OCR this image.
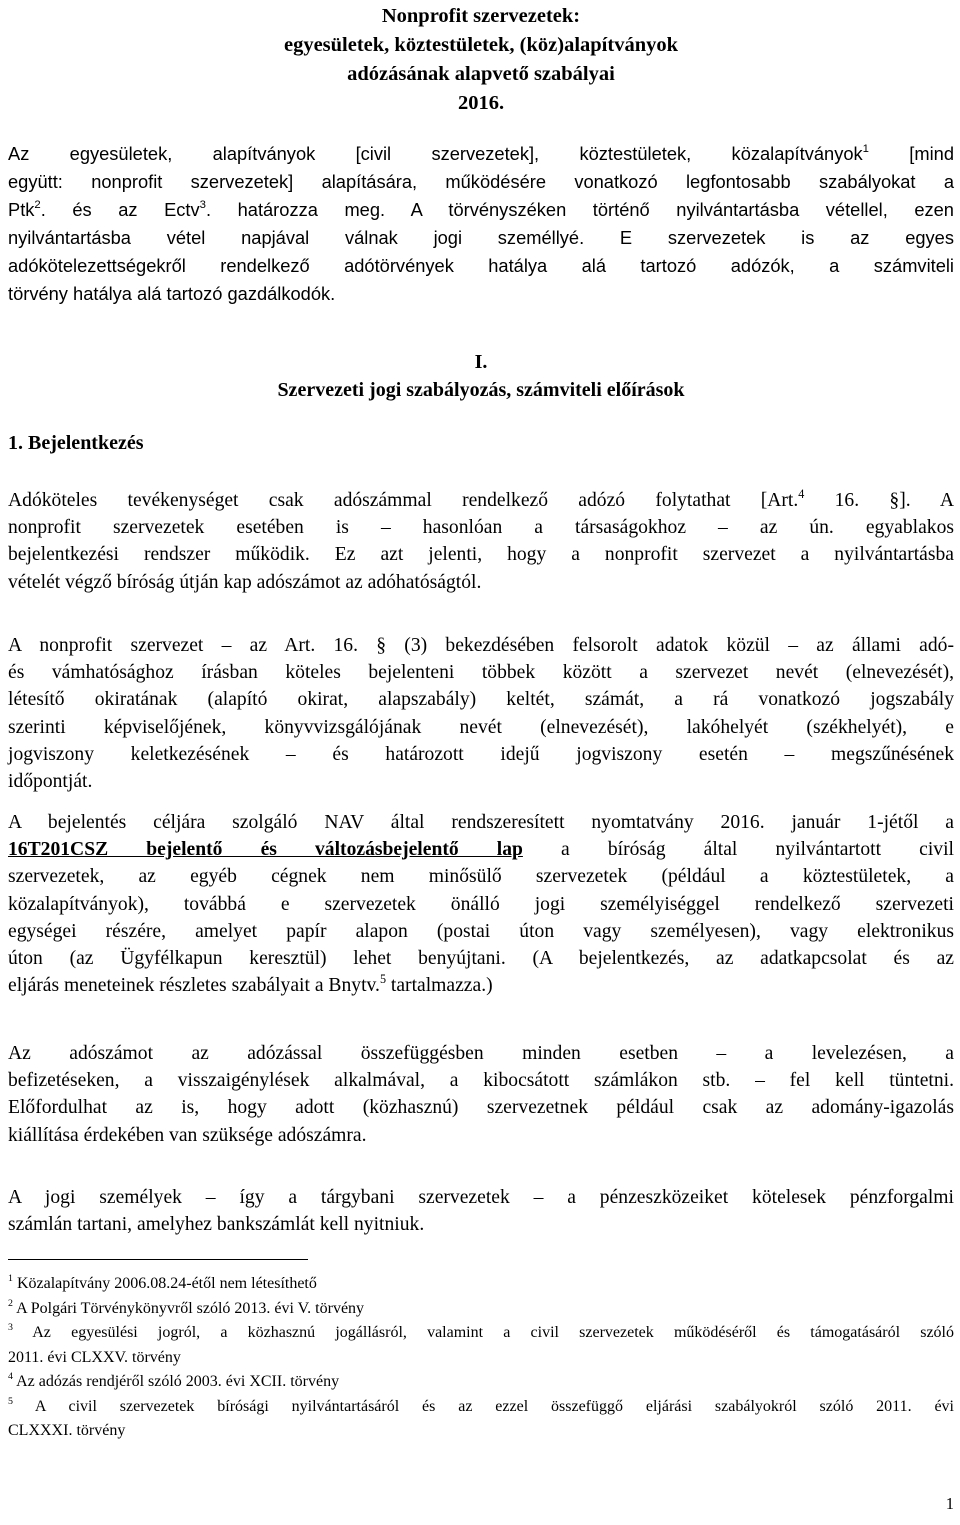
Nonprofit szervezetek:
egyesületek, köztestületek, (köz)alapítványok
adózásának alapvető szabályai
2016.
Az egyesületek, alapítványok [civil szervezetek], köztestületek, közalapítványok$^1$ [mind
együtt: nonprofit szervezetek] alapítására, működésére vonatkozó legfontosabb szabályokat a
Ptk$^2$. és az Ectv$^3$. határozza meg. A törvényszéken történő nyilvántartásba vétellel, ezen
nyilvántartásba vétel napjával válnak jogi személlyé. E szervezetek is az egyes
adókötelezettségekről rendelkező adótörvények hatálya alá tartozó adózók, a számviteli
törvény hatálya alá tartozó gazdálkodók.
I.
Szervezeti jogi szabályozás, számviteli előírások
1. Bejelentkezés
Adóköteles tevékenységet csak adószámmal rendelkező adózó folytathat [Art.$^4$ 16. §]. A
nonprofit szervezetek esetében is – hasonlóan a társaságokhoz – az ún. egyablakos
bejelentkezési rendszer működik. Ez azt jelenti, hogy a nonprofit szervezet a nyilvántartásba
vételét végző bíróság útján kap adószámot az adóhatóságtól.
A nonprofit szervezet – az Art. 16. § (3) bekezdésében felsorolt adatok közül – az állami adó-
és vámhatósághoz írásban köteles bejelenteni többek között a szervezet nevét (elnevezését),
létesítő okiratának (alapító okirat, alapszabály) keltét, számát, a rá vonatkozó jogszabály
szerinti képviselőjének, könyvvizsgálójának nevét (elnevezését), lakóhelyét (székhelyét), e
jogviszony keletkezésének – és határozott idejű jogviszony esetén – megszűnésének
időpontját.
A bejelentés céljára szolgáló NAV által rendszeresített nyomtatvány 2016. január 1-jétől a
16T201CSZ bejelentő és változásbejelentő lap a bíróság által nyilvántartott civil
szervezetek, az egyéb cégnek nem minősülő szervezetek (például a köztestületek, a
közalapítványok), továbbá e szervezetek önálló jogi személyiséggel rendelkező szervezeti
egységei részére, amelyet papír alapon (postai úton vagy személyesen), vagy elektronikus
úton (az Ügyfélkapun keresztül) lehet benyújtani. (A bejelentkezés, az adatkapcsolat és az
eljárás meneteinek részletes szabályait a Bnytv.$^5$ tartalmazza.)
Az adószámot az adózással összefüggésben minden esetben – a levelezésen, a
befizetéseken, a visszaigénylések alkalmával, a kibocsátott számlákon stb. – fel kell tüntetni.
Előfordulhat az is, hogy adott (közhasznú) szervezetnek például csak az adomány-igazolás
kiállítása érdekében van szüksége adószámra.
A jogi személyek – így a tárgybani szervezetek – a pénzeszközeiket kötelesek pénzforgalmi
számlán tartani, amelyhez bankszámlát kell nyitniuk.
$^1$ Közalapítvány 2006.08.24-étől nem létesíthető
$^2$ A Polgári Törvénykönyvről szóló 2013. évi V. törvény
$^3$ Az egyesülési jogról, a közhasznú jogállásról, valamint a civil szervezetek működéséről és támogatásáról szóló
2011. évi CLXXV. törvény
$^4$ Az adózás rendjéről szóló 2003. évi XCII. törvény
$^5$ A civil szervezetek bírósági nyilvántartásáról és az ezzel összefüggő eljárási szabályokról szóló 2011. évi
CLXXXI. törvény
1
